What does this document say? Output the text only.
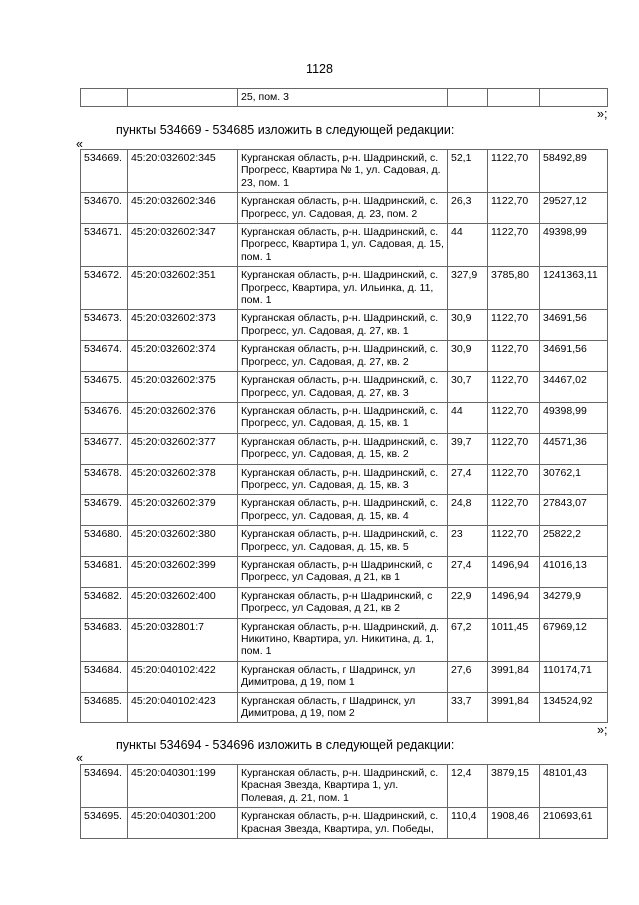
1128
		25, пом. 3			
»;
пункты 534669 - 534685 изложить в следующей редакции:
«
534669.	45:20:032602:345	Курганская область, р-н. Шадринский, с. Прогресс, Квартира № 1, ул. Садовая, д. 23, пом. 1	52,1	1122,70	58492,89
534670.	45:20:032602:346	Курганская область, р-н. Шадринский, с. Прогресс, ул. Садовая, д. 23, пом. 2	26,3	1122,70	29527,12
534671.	45:20:032602:347	Курганская область, р-н. Шадринский, с. Прогресс, Квартира 1, ул. Садовая, д. 15, пом. 1	44	1122,70	49398,99
534672.	45:20:032602:351	Курганская область, р-н. Шадринский, с. Прогресс, Квартира, ул. Ильинка, д. 11, пом. 1	327,9	3785,80	1241363,11
534673.	45:20:032602:373	Курганская область, р-н. Шадринский, с. Прогресс, ул. Садовая, д. 27, кв. 1	30,9	1122,70	34691,56
534674.	45:20:032602:374	Курганская область, р-н. Шадринский, с. Прогресс, ул. Садовая, д. 27, кв. 2	30,9	1122,70	34691,56
534675.	45:20:032602:375	Курганская область, р-н. Шадринский, с. Прогресс, ул. Садовая, д. 27, кв. 3	30,7	1122,70	34467,02
534676.	45:20:032602:376	Курганская область, р-н. Шадринский, с. Прогресс, ул. Садовая, д. 15, кв. 1	44	1122,70	49398,99
534677.	45:20:032602:377	Курганская область, р-н. Шадринский, с. Прогресс, ул. Садовая, д. 15, кв. 2	39,7	1122,70	44571,36
534678.	45:20:032602:378	Курганская область, р-н. Шадринский, с. Прогресс, ул. Садовая, д. 15, кв. 3	27,4	1122,70	30762,1
534679.	45:20:032602:379	Курганская область, р-н. Шадринский, с. Прогресс, ул. Садовая, д. 15, кв. 4	24,8	1122,70	27843,07
534680.	45:20:032602:380	Курганская область, р-н. Шадринский, с. Прогресс, ул. Садовая, д. 15, кв. 5	23	1122,70	25822,2
534681.	45:20:032602:399	Курганская область, р-н Шадринский, с Прогресс, ул Садовая, д 21, кв 1	27,4	1496,94	41016,13
534682.	45:20:032602:400	Курганская область, р-н Шадринский, с Прогресс, ул Садовая, д 21, кв 2	22,9	1496,94	34279,9
534683.	45:20:032801:7	Курганская область, р-н. Шадринский, д. Никитино, Квартира, ул. Никитина, д. 1, пом. 1	67,2	1011,45	67969,12
534684.	45:20:040102:422	Курганская область, г Шадринск, ул Димитрова, д 19, пом 1	27,6	3991,84	110174,71
534685.	45:20:040102:423	Курганская область, г Шадринск, ул Димитрова, д 19, пом 2	33,7	3991,84	134524,92
»;
пункты 534694 - 534696 изложить в следующей редакции:
«
534694.	45:20:040301:199	Курганская область, р-н. Шадринский, с. Красная Звезда, Квартира 1, ул. Полевая, д. 21, пом. 1	12,4	3879,15	48101,43
534695.	45:20:040301:200	Курганская область, р-н. Шадринский, с. Красная Звезда, Квартира, ул. Победы,	110,4	1908,46	210693,61
